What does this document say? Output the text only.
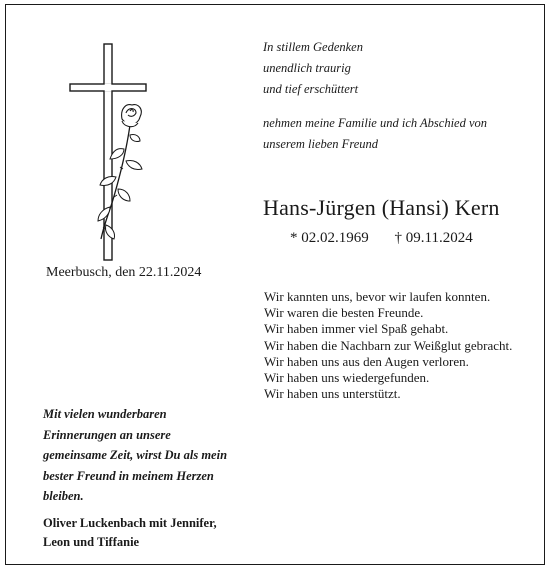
In stillem Gedenken
unendlich traurig
und tief erschüttert
nehmen meine Familie und ich Abschied von
unserem lieben Freund
Hans-Jürgen (Hansi) Kern
* 02.02.1969 † 09.11.2024
Meerbusch, den 22.11.2024
Wir kannten uns, bevor wir laufen konnten.
Wir waren die besten Freunde.
Wir haben immer viel Spaß gehabt.
Wir haben die Nachbarn zur Weißglut gebracht.
Wir haben uns aus den Augen verloren.
Wir haben uns wiedergefunden.
Wir haben uns unterstützt.
Mit vielen wunderbaren
Erinnerungen an unsere
gemeinsame Zeit, wirst Du als mein
bester Freund in meinem Herzen
bleiben.
Oliver Luckenbach mit Jennifer,
Leon und Tiffanie
